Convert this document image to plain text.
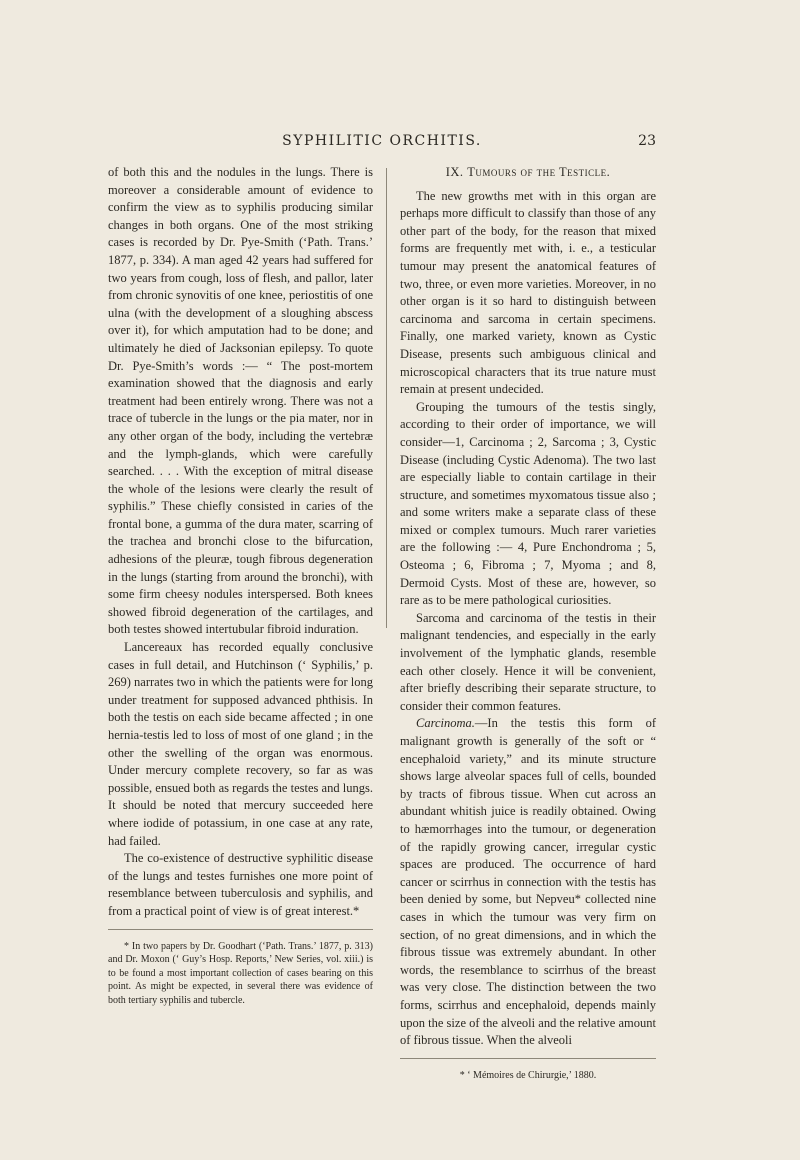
SYPHILITIC ORCHITIS.	23

of both this and the nodules in the lungs. There is moreover a considerable amount of evidence to confirm the view as to syphilis producing similar changes in both organs. One of the most striking cases is recorded by Dr. Pye-Smith (‘Path. Trans.’ 1877, p. 334). A man aged 42 years had suffered for two years from cough, loss of flesh, and pallor, later from chronic synovitis of one knee, periostitis of one ulna (with the development of a sloughing abscess over it), for which amputation had to be done; and ultimately he died of Jacksonian epilepsy. To quote Dr. Pye-Smith’s words :— “ The post-mortem examination showed that the diagnosis and early treatment had been entirely wrong. There was not a trace of tubercle in the lungs or the pia mater, nor in any other organ of the body, including the vertebræ and the lymph-glands, which were carefully searched. . . . With the exception of mitral disease the whole of the lesions were clearly the result of syphilis.” These chiefly consisted in caries of the frontal bone, a gumma of the dura mater, scarring of the trachea and bronchi close to the bifurcation, adhesions of the pleuræ, tough fibrous degeneration in the lungs (starting from around the bronchi), with some firm cheesy nodules interspersed. Both knees showed fibroid degeneration of the cartilages, and both testes showed intertubular fibroid induration.

Lancereaux has recorded equally conclusive cases in full detail, and Hutchinson (‘ Syphilis,’ p. 269) narrates two in which the patients were for long under treatment for supposed advanced phthisis. In both the testis on each side became affected ; in one hernia-testis led to loss of most of one gland ; in the other the swelling of the organ was enormous. Under mercury complete recovery, so far as was possible, ensued both as regards the testes and lungs. It should be noted that mercury succeeded here where iodide of potassium, in one case at any rate, had failed.

The co-existence of destructive syphilitic disease of the lungs and testes furnishes one more point of resemblance between tuberculosis and syphilis, and from a practical point of view is of great interest.*

* In two papers by Dr. Goodhart (‘Path. Trans.’ 1877, p. 313) and Dr. Moxon (‘ Guy’s Hosp. Reports,’ New Series, vol. xiii.) is to be found a most important collection of cases bearing on this point. As might be expected, in several there was evidence of both tertiary syphilis and tubercle.

IX. Tumours of the Testicle.

The new growths met with in this organ are perhaps more difficult to classify than those of any other part of the body, for the reason that mixed forms are frequently met with, i. e., a testicular tumour may present the anatomical features of two, three, or even more varieties. Moreover, in no other organ is it so hard to distinguish between carcinoma and sarcoma in certain specimens. Finally, one marked variety, known as Cystic Disease, presents such ambiguous clinical and microscopical characters that its true nature must remain at present undecided.

Grouping the tumours of the testis singly, according to their order of importance, we will consider—1, Carcinoma ; 2, Sarcoma ; 3, Cystic Disease (including Cystic Adenoma). The two last are especially liable to contain cartilage in their structure, and sometimes myxomatous tissue also ; and some writers make a separate class of these mixed or complex tumours. Much rarer varieties are the following :— 4, Pure Enchondroma ; 5, Osteoma ; 6, Fibroma ; 7, Myoma ; and 8, Dermoid Cysts. Most of these are, however, so rare as to be mere pathological curiosities.

Sarcoma and carcinoma of the testis in their malignant tendencies, and especially in the early involvement of the lymphatic glands, resemble each other closely. Hence it will be convenient, after briefly describing their separate structure, to consider their common features.

Carcinoma.—In the testis this form of malignant growth is generally of the soft or “ encephaloid variety,” and its minute structure shows large alveolar spaces full of cells, bounded by tracts of fibrous tissue. When cut across an abundant whitish juice is readily obtained. Owing to hæmorrhages into the tumour, or degeneration of the rapidly growing cancer, irregular cystic spaces are produced. The occurrence of hard cancer or scirrhus in connection with the testis has been denied by some, but Nepveu* collected nine cases in which the tumour was very firm on section, of no great dimensions, and in which the fibrous tissue was extremely abundant. In other words, the resemblance to scirrhus of the breast was very close. The distinction between the two forms, scirrhus and encephaloid, depends mainly upon the size of the alveoli and the relative amount of fibrous tissue. When the alveoli

* ‘ Mémoires de Chirurgie,’ 1880.
